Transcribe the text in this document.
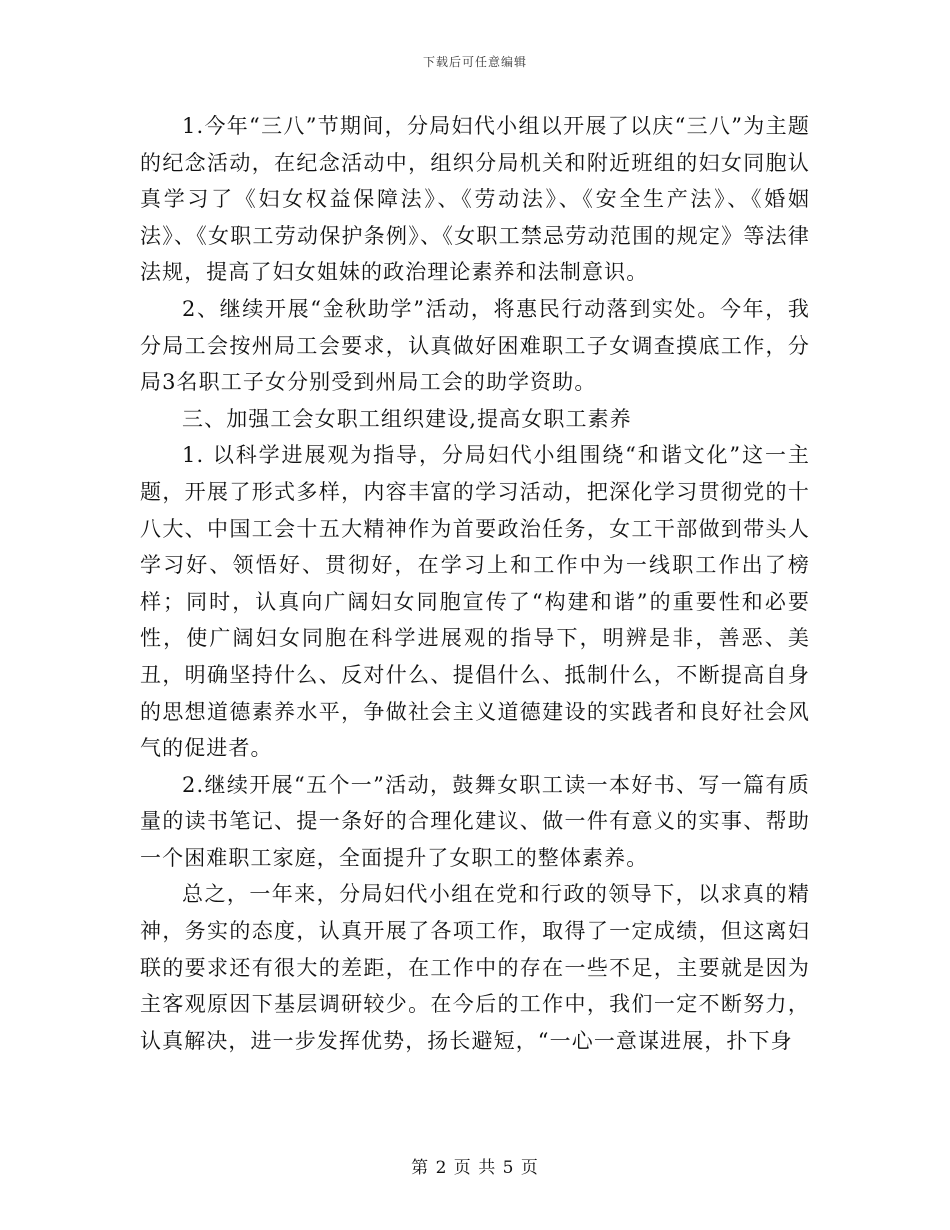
下载后可任意编辑

1.今年“三八”节期间，分局妇代小组以开展了以庆“三八”为主题的纪念活动，在纪念活动中，组织分局机关和附近班组的妇女同胞认真学习了《妇女权益保障法》、《劳动法》、《安全生产法》、《婚姻法》、《女职工劳动保护条例》、《女职工禁忌劳动范围的规定》等法律法规，提高了妇女姐妹的政治理论素养和法制意识。

2、继续开展“金秋助学”活动，将惠民行动落到实处。今年，我分局工会按州局工会要求，认真做好困难职工子女调查摸底工作，分局3名职工子女分别受到州局工会的助学资助。

三、加强工会女职工组织建设,提高女职工素养

1. 以科学进展观为指导，分局妇代小组围绕“和谐文化”这一主题，开展了形式多样，内容丰富的学习活动，把深化学习贯彻党的十八大、中国工会十五大精神作为首要政治任务，女工干部做到带头人学习好、领悟好、贯彻好，在学习上和工作中为一线职工作出了榜样；同时，认真向广阔妇女同胞宣传了“构建和谐”的重要性和必要性，使广阔妇女同胞在科学进展观的指导下，明辨是非，善恶、美丑，明确坚持什么、反对什么、提倡什么、抵制什么，不断提高自身的思想道德素养水平，争做社会主义道德建设的实践者和良好社会风气的促进者。

2.继续开展“五个一”活动，鼓舞女职工读一本好书、写一篇有质量的读书笔记、提一条好的合理化建议、做一件有意义的实事、帮助一个困难职工家庭，全面提升了女职工的整体素养。

总之，一年来，分局妇代小组在党和行政的领导下，以求真的精神，务实的态度，认真开展了各项工作，取得了一定成绩，但这离妇联的要求还有很大的差距，在工作中的存在一些不足，主要就是因为主客观原因下基层调研较少。在今后的工作中，我们一定不断努力，认真解决，进一步发挥优势，扬长避短，“一心一意谋进展，扑下身

第 2 页 共 5 页
